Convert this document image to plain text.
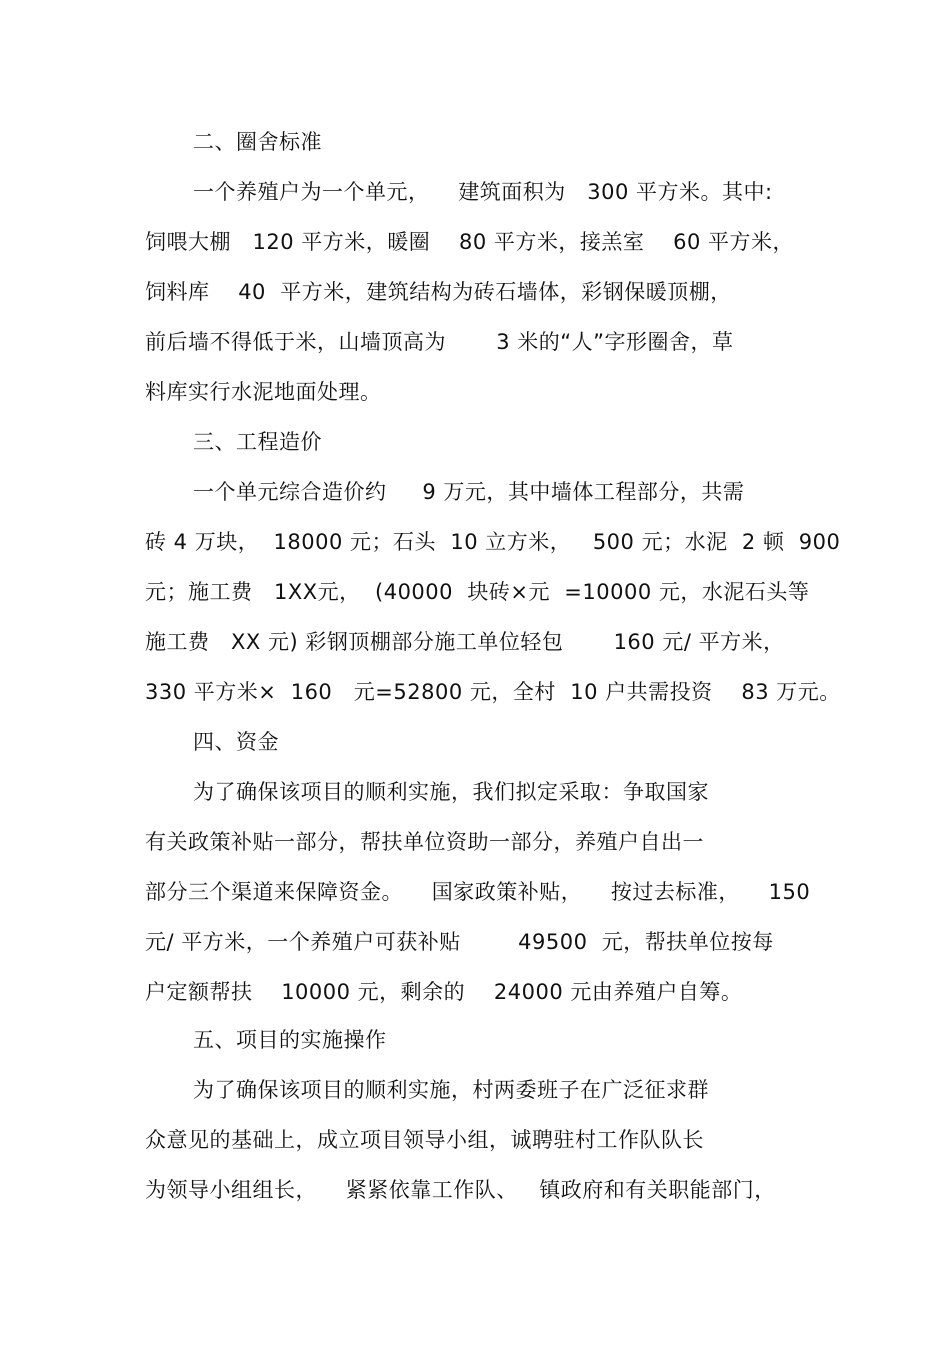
二、圈舍标准
一个养殖户为一个单元，    建筑面积为   300 平方米。其中:
饲喂大棚   120 平方米，暖圈    80 平方米，接羔室    60 平方米，
饲料库    40  平方米，建筑结构为砖石墙体，彩钢保暖顶棚，
前后墙不得低于米，山墙顶高为       3 米的“人”字形圈舍，草
料库实行水泥地面处理。
三、工程造价
一个单元综合造价约     9 万元，其中墙体工程部分，共需
砖 4 万块，  18000 元；石头  10 立方米，   500 元；水泥  2 顿  900
元；施工费   1XX元，  (40000  块砖×元  =10000 元，水泥石头等
施工费   XX 元) 彩钢顶棚部分施工单位轻包       160 元/ 平方米，
330 平方米×  160   元=52800 元，全村  10 户共需投资    83 万元。
四、资金
为了确保该项目的顺利实施，我们拟定采取：争取国家
有关政策补贴一部分，帮扶单位资助一部分，养殖户自出一
部分三个渠道来保障资金。    国家政策补贴，    按过去标准，    150
元/ 平方米，一个养殖户可获补贴        49500  元，帮扶单位按每
户定额帮扶    10000 元，剩余的    24000 元由养殖户自筹。
五、项目的实施操作
为了确保该项目的顺利实施，村两委班子在广泛征求群
众意见的基础上，成立项目领导小组，诚聘驻村工作队队长
为领导小组组长，    紧紧依靠工作队、   镇政府和有关职能部门，
